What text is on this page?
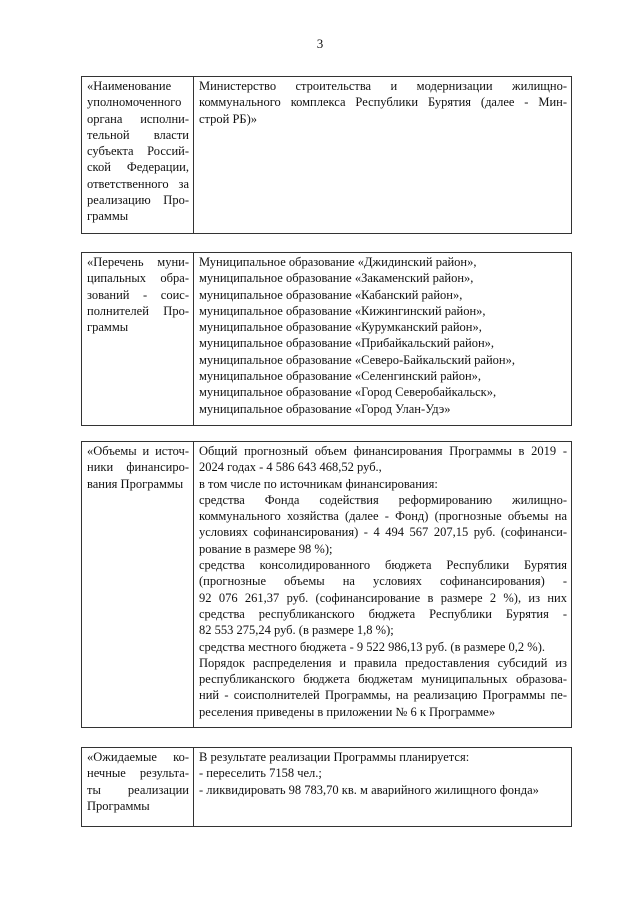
3
«Наименование
уполномоченного
органа исполни-
тельной власти
субъекта Россий-
ской Федерации,
ответственного за
реализацию Про-
граммы

Министерство строительства и модернизации жилищно-
коммунального комплекса Республики Бурятия (далее - Мин-
строй РБ)»
«Перечень муни-
ципальных обра-
зований - соис-
полнителей Про-
граммы

Муниципальное образование «Джидинский район»,
муниципальное образование «Закаменский район»,
муниципальное образование «Кабанский район»,
муниципальное образование «Кижингинский район»,
муниципальное образование «Курумканский район»,
муниципальное образование «Прибайкальский район»,
муниципальное образование «Северо-Байкальский район»,
муниципальное образование «Селенгинский район»,
муниципальное образование «Город Северобайкальск»,
муниципальное образование «Город Улан-Удэ»
«Объемы и источ-
ники финансиро-
вания Программы

Общий прогнозный объем финансирования Программы в 2019 -
2024 годах - 4 586 643 468,52 руб.,
в том числе по источникам финансирования:
средства Фонда содействия реформированию жилищно-
коммунального хозяйства (далее - Фонд) (прогнозные объемы на
условиях софинансирования) - 4 494 567 207,15 руб. (софинанси-
рование в размере 98 %);
средства консолидированного бюджета Республики Бурятия
(прогнозные объемы на условиях софинансирования) -
92 076 261,37 руб. (софинансирование в размере 2 %), из них
средства республиканского бюджета Республики Бурятия -
82 553 275,24 руб. (в размере 1,8 %);
средства местного бюджета - 9 522 986,13 руб. (в размере 0,2 %).
Порядок распределения и правила предоставления субсидий из
республиканского бюджета бюджетам муниципальных образова-
ний - соисполнителей Программы, на реализацию Программы пе-
реселения приведены в приложении № 6 к Программе»
«Ожидаемые ко-
нечные результа-
ты реализации
Программы

В результате реализации Программы планируется:
- переселить 7158 чел.;
- ликвидировать 98 783,70 кв. м аварийного жилищного фонда»
